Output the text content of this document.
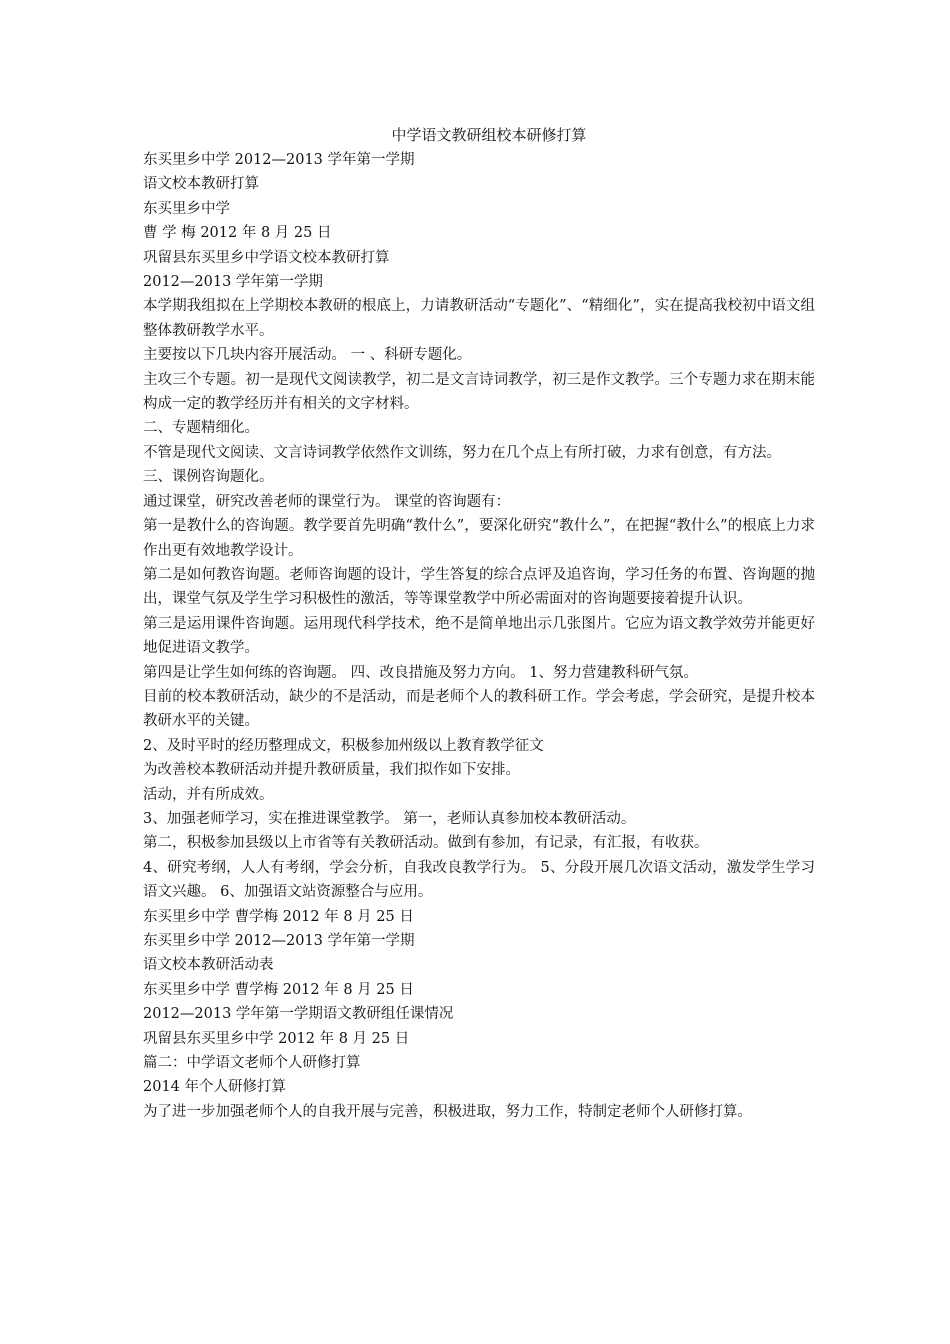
中学语文教研组校本研修打算

东买里乡中学 2012—2013 学年第一学期

语文校本教研打算

东买里乡中学

曹 学 梅 2012 年 8 月 25 日

巩留县东买里乡中学语文校本教研打算

2012—2013 学年第一学期

本学期我组拟在上学期校本教研的根底上，力请教研活动“专题化”、“精细化”，实在提高我校初中语文组整体教研教学水平。

主要按以下几块内容开展活动。 一 、科研专题化。

主攻三个专题。初一是现代文阅读教学，初二是文言诗词教学，初三是作文教学。三个专题力求在期末能构成一定的教学经历并有相关的文字材料。

二、专题精细化。

不管是现代文阅读、文言诗词教学依然作文训练，努力在几个点上有所打破，力求有创意，有方法。

三、课例咨询题化。

通过课堂，研究改善老师的课堂行为。 课堂的咨询题有：

第一是教什么的咨询题。教学要首先明确“教什么”，要深化研究“教什么”，在把握“教什么”的根底上力求作出更有效地教学设计。

第二是如何教咨询题。老师咨询题的设计，学生答复的综合点评及追咨询，学习任务的布置、咨询题的抛出，课堂气氛及学生学习积极性的激活，等等课堂教学中所必需面对的咨询题要接着提升认识。

第三是运用课件咨询题。运用现代科学技术，绝不是简单地出示几张图片。它应为语文教学效劳并能更好地促进语文教学。

第四是让学生如何练的咨询题。 四、改良措施及努力方向。 1、努力营建教科研气氛。

目前的校本教研活动，缺少的不是活动，而是老师个人的教科研工作。学会考虑，学会研究，是提升校本教研水平的关键。

2、及时平时的经历整理成文，积极参加州级以上教育教学征文

为改善校本教研活动并提升教研质量，我们拟作如下安排。

活动，并有所成效。

3、加强老师学习，实在推进课堂教学。 第一，老师认真参加校本教研活动。

第二，积极参加县级以上市省等有关教研活动。做到有参加，有记录，有汇报，有收获。

4、研究考纲，人人有考纲，学会分析，自我改良教学行为。 5、分段开展几次语文活动，激发学生学习语文兴趣。 6、加强语文站资源整合与应用。

东买里乡中学 曹学梅 2012 年 8 月 25 日

东买里乡中学 2012—2013 学年第一学期

语文校本教研活动表

东买里乡中学 曹学梅 2012 年 8 月 25 日

2012—2013 学年第一学期语文教研组任课情况

巩留县东买里乡中学 2012 年 8 月 25 日

篇二：中学语文老师个人研修打算

2014 年个人研修打算

为了进一步加强老师个人的自我开展与完善，积极进取，努力工作，特制定老师个人研修打算。
